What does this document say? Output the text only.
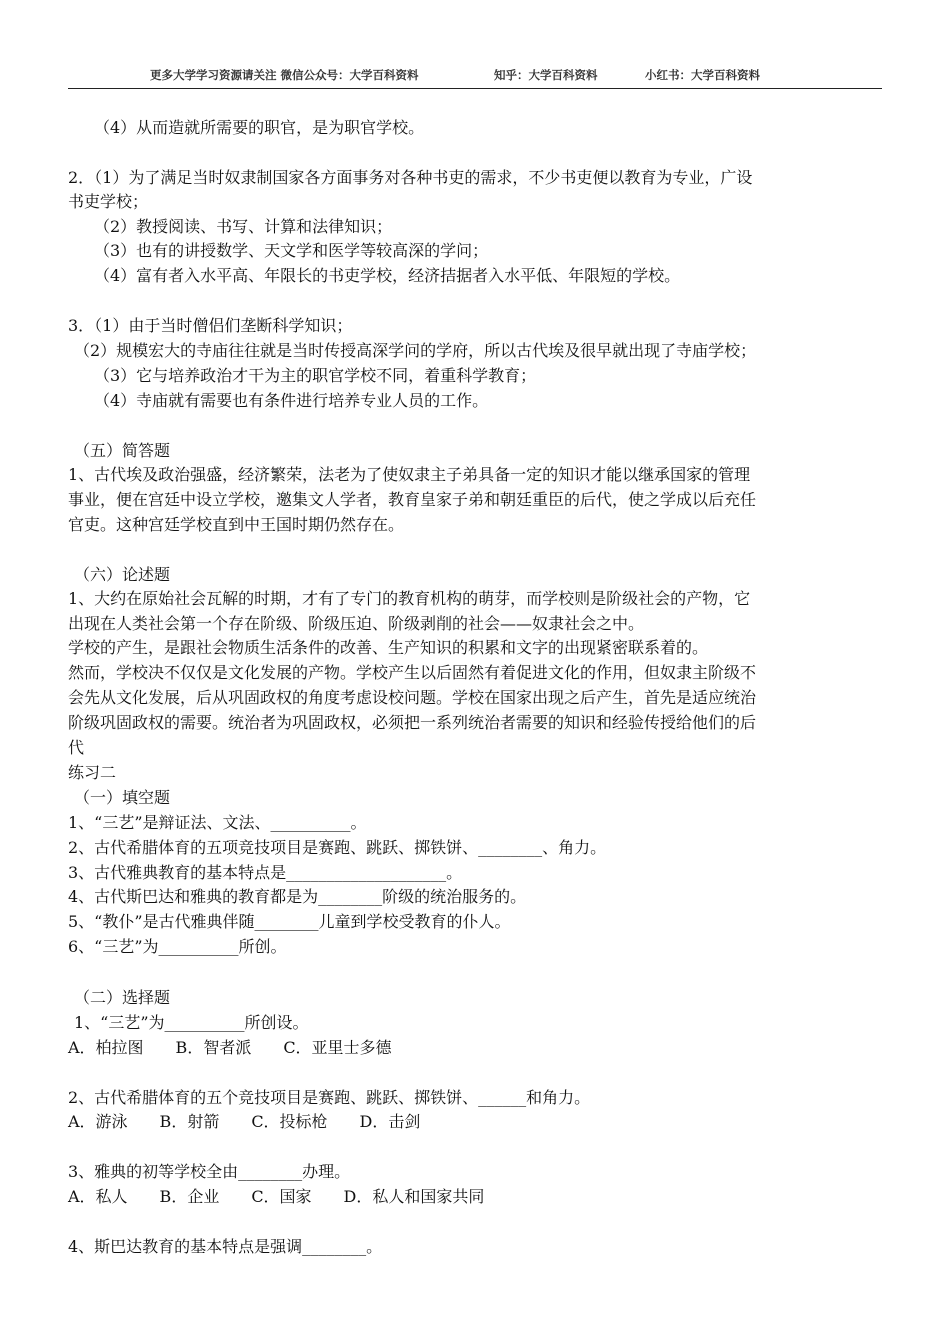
更多大学学习资源请关注 微信公众号：大学百科资料	知乎：大学百科资料	小红书：大学百科资料
（4）从而造就所需要的职官，是为职官学校。
2．（1）为了满足当时奴隶制国家各方面事务对各种书吏的需求，不少书吏便以教育为专业，广设
书吏学校；
（2）教授阅读、书写、计算和法律知识；
（3）也有的讲授数学、天文学和医学等较高深的学问；
（4）富有者入水平高、年限长的书吏学校，经济拮据者入水平低、年限短的学校。
3．（1）由于当时僧侣们垄断科学知识；
（2）规模宏大的寺庙往往就是当时传授高深学问的学府，所以古代埃及很早就出现了寺庙学校；
（3）它与培养政治才干为主的职官学校不同，着重科学教育；
（4）寺庙就有需要也有条件进行培养专业人员的工作。
（五）简答题
1、古代埃及政治强盛，经济繁荣，法老为了使奴隶主子弟具备一定的知识才能以继承国家的管理
事业，便在宫廷中设立学校，邀集文人学者，教育皇家子弟和朝廷重臣的后代，使之学成以后充任
官吏。这种宫廷学校直到中王国时期仍然存在。
（六）论述题
1、大约在原始社会瓦解的时期，才有了专门的教育机构的萌芽，而学校则是阶级社会的产物，它
出现在人类社会第一个存在阶级、阶级压迫、阶级剥削的社会——奴隶社会之中。
学校的产生，是跟社会物质生活条件的改善、生产知识的积累和文字的出现紧密联系着的。
然而，学校决不仅仅是文化发展的产物。学校产生以后固然有着促进文化的作用，但奴隶主阶级不
会先从文化发展，后从巩固政权的角度考虑设校问题。学校在国家出现之后产生，首先是适应统治
阶级巩固政权的需要。统治者为巩固政权，必须把一系列统治者需要的知识和经验传授给他们的后
代
练习二
（一）填空题
1、“三艺”是辩证法、文法、__________。
2、古代希腊体育的五项竞技项目是赛跑、跳跃、掷铁饼、________、角力。
3、古代雅典教育的基本特点是____________________。
4、古代斯巴达和雅典的教育都是为________阶级的统治服务的。
5、“教仆”是古代雅典伴随________儿童到学校受教育的仆人。
6、“三艺”为__________所创。
（二）选择题
1、“三艺”为__________所创设。
A．柏拉图　　B．智者派　　C．亚里士多德
2、古代希腊体育的五个竞技项目是赛跑、跳跃、掷铁饼、______和角力。
A．游泳　　B．射箭　　C．投标枪　　D．击剑
3、雅典的初等学校全由________办理。
A．私人　　B．企业　　C．国家　　D．私人和国家共同
4、斯巴达教育的基本特点是强调________。
